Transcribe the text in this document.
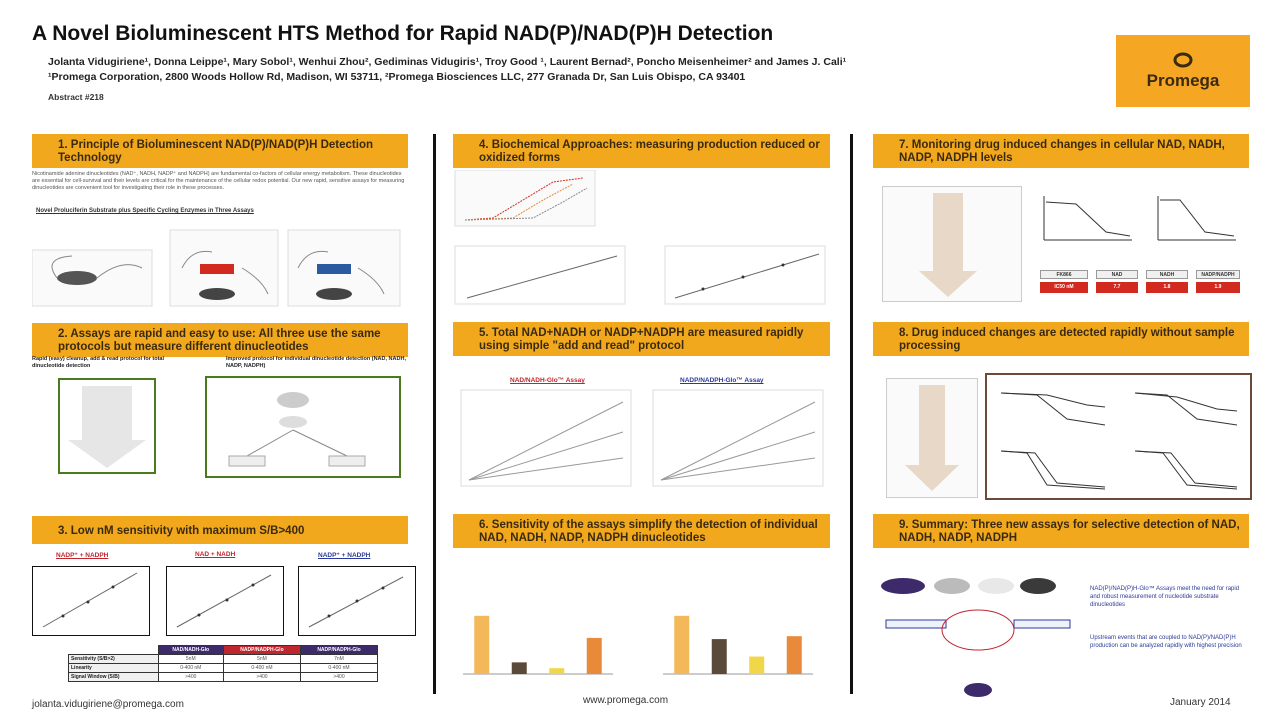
A Novel Bioluminescent HTS Method for Rapid NAD(P)/NAD(P)H Detection
Jolanta Vidugiriene¹, Donna Leippe¹, Mary Sobol¹, Wenhui Zhou², Gediminas Vidugiris¹, Troy Good ¹, Laurent Bernad², Poncho Meisenheimer² and James J. Cali¹
¹Promega Corporation, 2800 Woods Hollow Rd, Madison, WI 53711, ²Promega Biosciences LLC, 277 Granada Dr, San Luis Obispo, CA 93401
Abstract #218
Promega
1. Principle of Bioluminescent NAD(P)/NAD(P)H Detection Technology
Nicotinamide adenine dinucleotides (NAD⁺, NADH, NADP⁺ and NADPH) are fundamental co-factors of cellular energy metabolism. These dinucleotides are essential for cell-survival and their levels are critical for the maintenance of the cellular redox potential. Our new rapid, sensitive assays for measuring dinucleotides are convenient tool for investigating their role in these processes.
Novel Proluciferin Substrate plus Specific Cycling Enzymes in Three Assays
2. Assays are rapid and easy to use: All three use the same protocols but measure different dinucleotides
Rapid (easy) cleanup, add & read protocol for total dinucleotide detection
Improved protocol for individual dinucleotide detection (NAD, NADH, NADP, NADPH)
3. Low nM sensitivity with maximum S/B>400
NADP⁺ + NADPH	NAD + NADH	NADP⁺ + NADPH
	NAD/NADH-Glo	NADP/NADPH-Glo	NADP/NADPH-Glo
Sensitivity (S/B>2)	5nM	5nM	7nM
Linearity	0-400 nM	0-400 nM	0-400 nM
Signal Window (S/B)	>400	>400	>400
4. Biochemical Approaches: measuring production reduced or oxidized forms
5. Total NAD+NADH or NADP+NADPH are measured rapidly using simple "add and read" protocol
NAD/NADH-Glo™ Assay	NADP/NADPH-Glo™ Assay
6. Sensitivity of the assays simplify the detection of individual NAD, NADH, NADP, NADPH dinucleotides
7. Monitoring drug induced changes in cellular NAD, NADH, NADP, NADPH levels
FK866	NAD	NADH	NADP/NADPH
IC50 nM	7.7	1.8	1.9
8. Drug induced changes are detected rapidly without sample processing
9. Summary: Three new assays for selective detection of NAD, NADH, NADP, NADPH
NAD(P)/NAD(P)H-Glo™ Assays meet the need for rapid and robust measurement of nucleotide substrate dinucleotides
Upstream events that are coupled to NAD(P)/NAD(P)H production can be analyzed rapidly with highest precision
jolanta.vidugiriene@promega.com	www.promega.com	January 2014
